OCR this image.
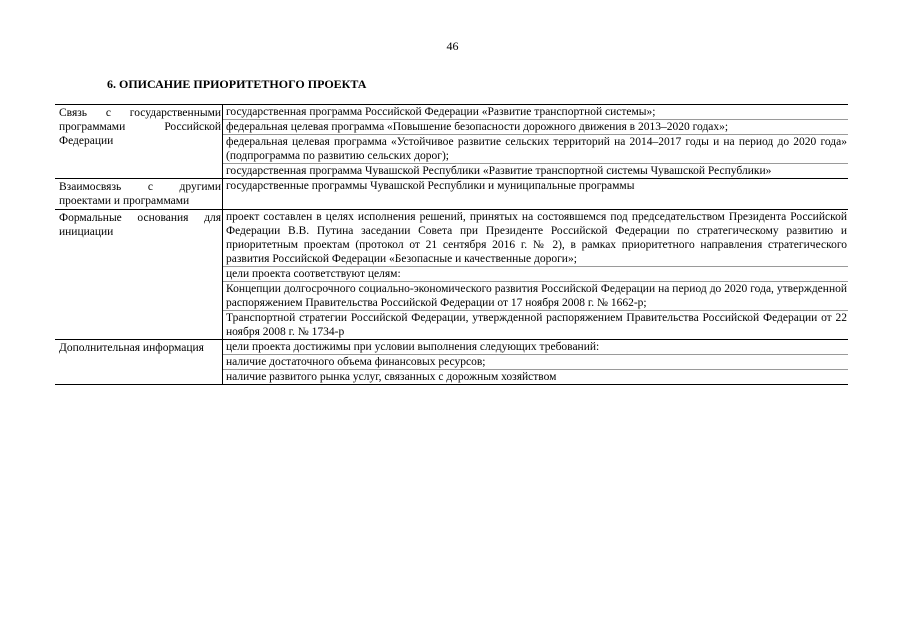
46
6. ОПИСАНИЕ ПРИОРИТЕТНОГО ПРОЕКТА
Связь с государственными программами Российской Федерации	государственная программа Российской Федерации «Развитие транспортной системы»;
федеральная целевая программа «Повышение безопасности дорожного движения в 2013–2020 годах»;
федеральная целевая программа «Устойчивое развитие сельских территорий на 2014–2017 годы и на период до 2020 года» (подпрограмма по развитию сельских дорог);
государственная программа Чувашской Республики «Развитие транспортной системы Чувашской Республики»

Взаимосвязь с другими проектами и программами	государственные программы Чувашской Республики и муниципальные программы

Формальные основания для инициации	проект составлен в целях исполнения решений, принятых на состоявшемся под председательством Президента Российской Федерации В.В. Путина заседании Совета при Президенте Российской Федерации по стратегическому развитию и приоритетным проектам (протокол от 21 сентября 2016 г. № 2), в рамках приоритетного направления стратегического развития Российской Федерации «Безопасные и качественные дороги»;
цели проекта соответствуют целям:
Концепции долгосрочного социально-экономического развития Российской Федерации на период до 2020 года, утвержденной распоряжением Правительства Российской Федерации от 17 ноября 2008 г. № 1662-р;
Транспортной стратегии Российской Федерации, утвержденной распоряжением Правительства Российской Федерации от 22 ноября 2008 г. № 1734-р

Дополнительная информация	цели проекта достижимы при условии выполнения следующих требований:
наличие достаточного объема финансовых ресурсов;
наличие развитого рынка услуг, связанных с дорожным хозяйством
